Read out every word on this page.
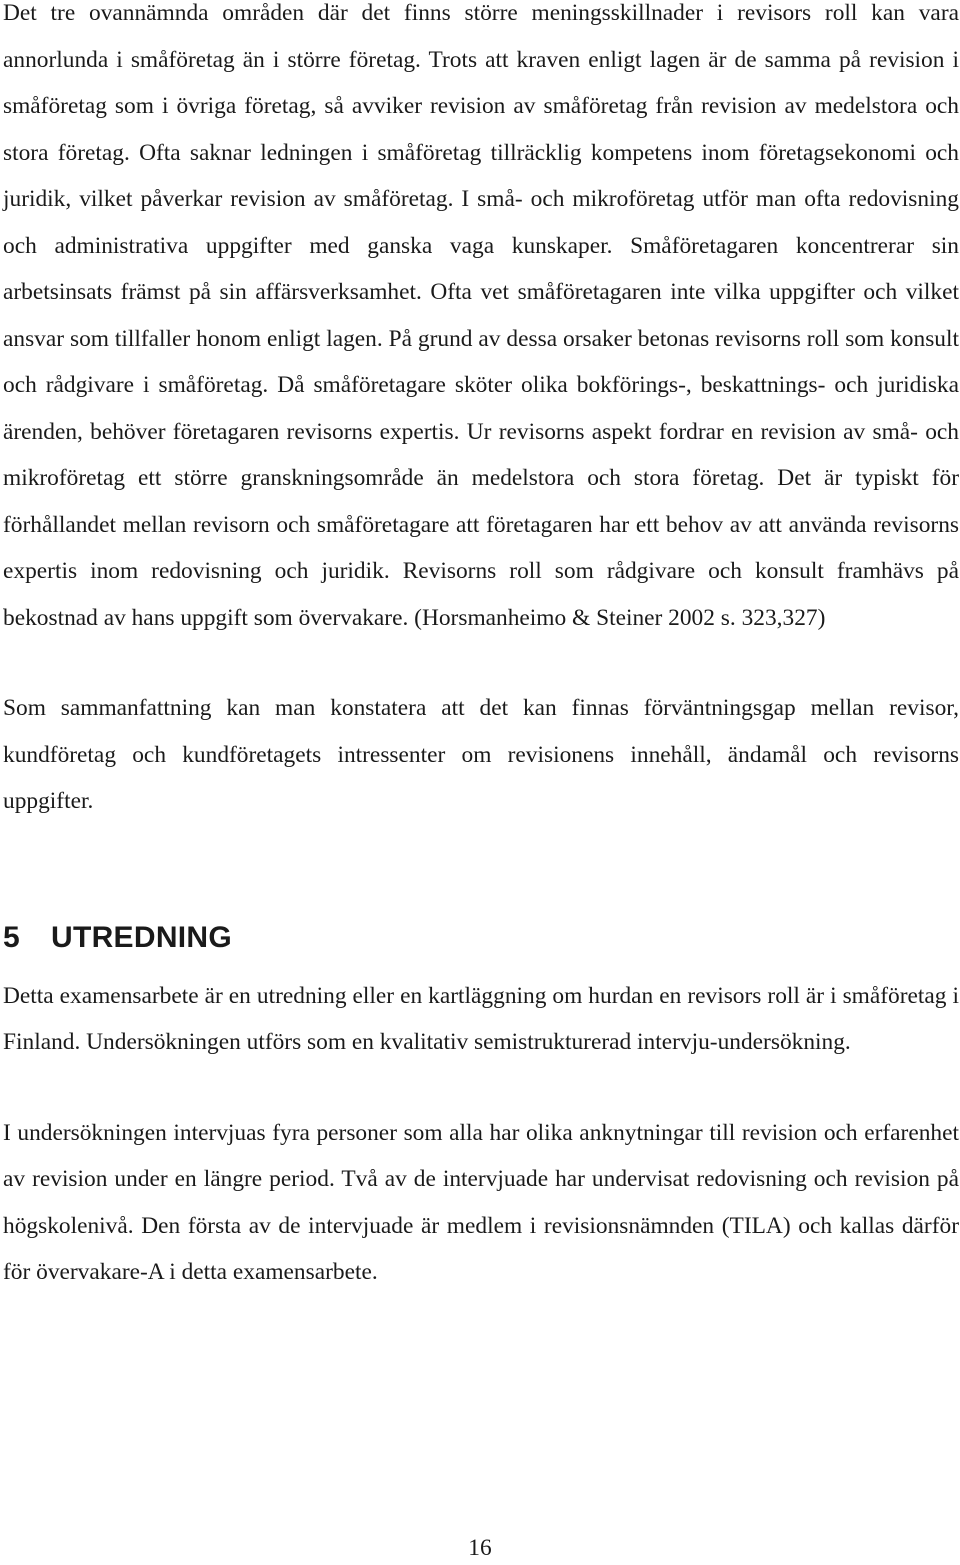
Det tre ovannämnda områden där det finns större meningsskillnader i revisors roll kan vara annorlunda i småföretag än i större företag. Trots att kraven enligt lagen är de samma på revision i småföretag som i övriga företag, så avviker revision av småföretag från revision av medelstora och stora företag. Ofta saknar ledningen i småföretag tillräcklig kompetens inom företagsekonomi och juridik, vilket påverkar revision av småföretag. I små- och mikroföretag utför man ofta redovisning och administrativa uppgifter med ganska vaga kunskaper. Småföretagaren koncentrerar sin arbetsinsats främst på sin affärsverksamhet. Ofta vet småföretagaren inte vilka uppgifter och vilket ansvar som tillfaller honom enligt lagen. På grund av dessa orsaker betonas revisorns roll som konsult och rådgivare i småföretag. Då småföretagare sköter olika bokförings-, beskattnings- och juridiska ärenden, behöver företagaren revisorns expertis. Ur revisorns aspekt fordrar en revision av små- och mikroföretag ett större granskningsområde än medelstora och stora företag. Det är typiskt för förhållandet mellan revisorn och småföretagare att företagaren har ett behov av att använda revisorns expertis inom redovisning och juridik. Revisorns roll som rådgivare och konsult framhävs på bekostnad av hans uppgift som övervakare. (Horsmanheimo & Steiner 2002 s. 323,327)

Som sammanfattning kan man konstatera att det kan finnas förväntningsgap mellan revisor, kundföretag och kundföretagets intressenter om revisionens innehåll, ändamål och revisorns uppgifter.

5 UTREDNING

Detta examensarbete är en utredning eller en kartläggning om hurdan en revisors roll är i småföretag i Finland. Undersökningen utförs som en kvalitativ semistrukturerad intervju-undersökning.

I undersökningen intervjuas fyra personer som alla har olika anknytningar till revision och erfarenhet av revision under en längre period. Två av de intervjuade har undervisat redovisning och revision på högskolenivå. Den första av de intervjuade är medlem i revisionsnämnden (TILA) och kallas därför för övervakare-A i detta examensarbete.

16
